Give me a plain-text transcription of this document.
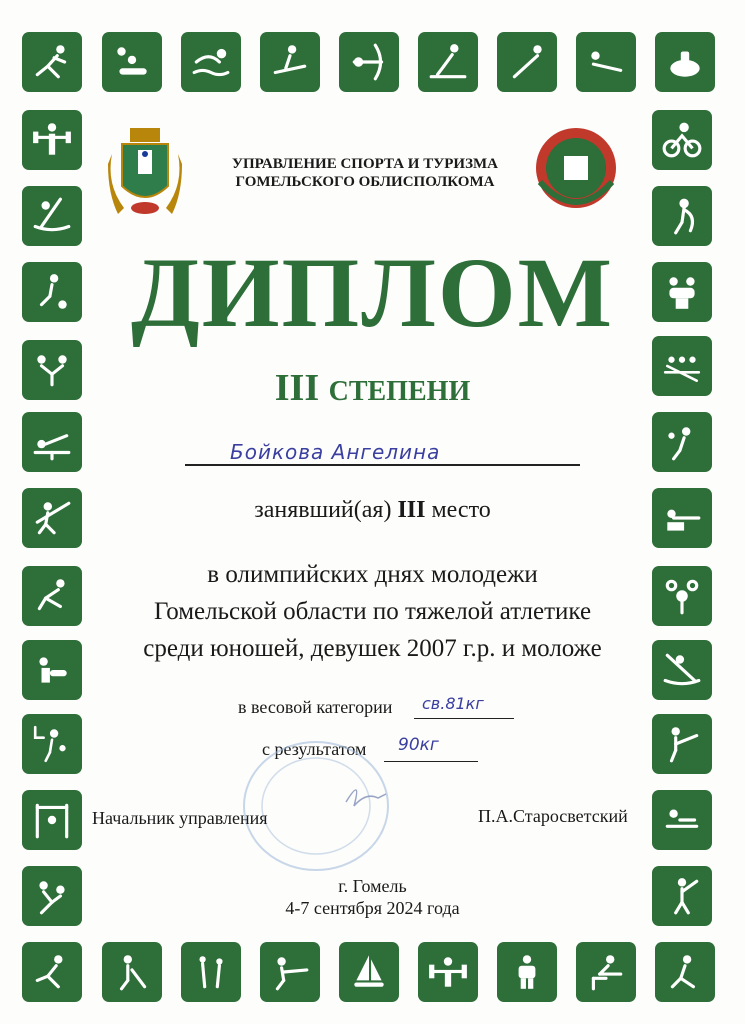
УПРАВЛЕНИЕ СПОРТА И ТУРИЗМА
ГОМЕЛЬСКОГО ОБЛИСПОЛКОМА
ДИПЛОМ
III СТЕПЕНИ
Бойкова Ангелина
занявший(ая) III место
в олимпийских днях молодежи
Гомельской области по тяжелой атлетике
среди юношей, девушек 2007 г.р. и моложе
в весовой категории св.81кг
с результатом 90кг
Начальник управления	П.А.Старосветский
г. Гомель
4-7 сентября 2024 года
